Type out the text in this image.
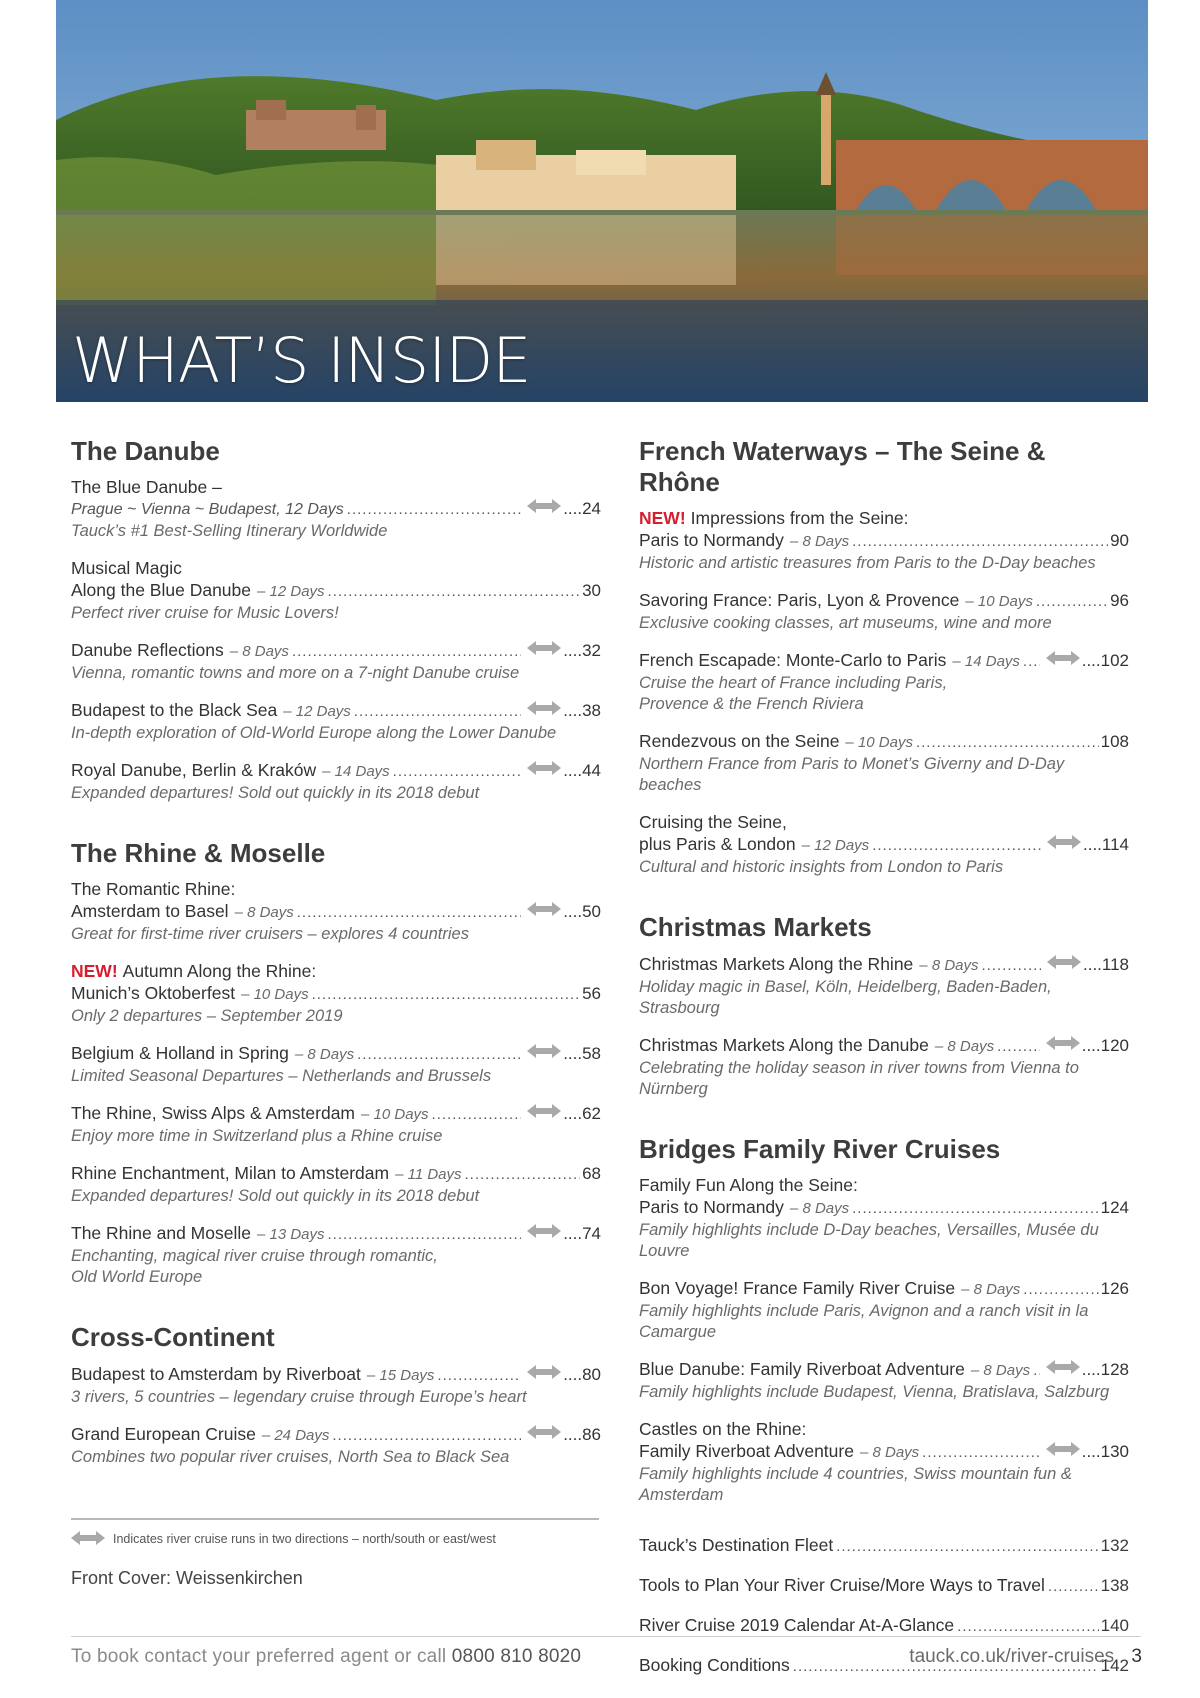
WHAT’S INSIDE
The Danube
The Blue Danube –
Prague ~ Vienna ~ Budapest, 12 Days .....	....24
Tauck’s #1 Best-Selling Itinerary Worldwide
Musical Magic
Along the Blue Danube	– 12 Days .....	30
Perfect river cruise for Music Lovers!
Danube Reflections	– 8 Days .....	....32
Vienna, romantic towns and more on a 7-night Danube cruise
Budapest to the Black Sea	– 12 Days .....	....38
In-depth exploration of Old-World Europe along the Lower Danube
Royal Danube, Berlin & Kraków	– 14 Days .....	....44
Expanded departures! Sold out quickly in its 2018 debut
The Rhine & Moselle
The Romantic Rhine:
Amsterdam to Basel	– 8 Days .....	....50
Great for first-time river cruisers – explores 4 countries
NEW! Autumn Along the Rhine:
Munich’s Oktoberfest	– 10 Days .....	56
Only 2 departures – September 2019
Belgium & Holland in Spring	– 8 Days .....	....58
Limited Seasonal Departures – Netherlands and Brussels
The Rhine, Swiss Alps & Amsterdam	– 10 Days .....	....62
Enjoy more time in Switzerland plus a Rhine cruise
Rhine Enchantment, Milan to Amsterdam	– 11 Days .....	68
Expanded departures! Sold out quickly in its 2018 debut
The Rhine and Moselle	– 13 Days .....	....74
Enchanting, magical river cruise through romantic,
Old World Europe
Cross-Continent
Budapest to Amsterdam by Riverboat	– 15 Days .....	....80
3 rivers, 5 countries – legendary cruise through Europe’s heart
Grand European Cruise	– 24 Days .....	....86
Combines two popular river cruises, North Sea to Black Sea
French Waterways – The Seine & Rhône
NEW! Impressions from the Seine:
Paris to Normandy	– 8 Days .....	90
Historic and artistic treasures from Paris to the D-Day beaches
Savoring France: Paris, Lyon & Provence	– 10 Days .....	96
Exclusive cooking classes, art museums, wine and more
French Escapade: Monte-Carlo to Paris	– 14 Days .....	....102
Cruise the heart of France including Paris,
Provence & the French Riviera
Rendezvous on the Seine	– 10 Days .....	108
Northern France from Paris to Monet’s Giverny and D-Day beaches
Cruising the Seine,
plus Paris & London	– 12 Days .....	....114
Cultural and historic insights from London to Paris
Christmas Markets
Christmas Markets Along the Rhine	– 8 Days .....	....118
Holiday magic in Basel, Köln, Heidelberg, Baden-Baden, Strasbourg
Christmas Markets Along the Danube	– 8 Days .....	....120
Celebrating the holiday season in river towns from Vienna to Nürnberg
Bridges Family River Cruises
Family Fun Along the Seine:
Paris to Normandy	– 8 Days .....	124
Family highlights include D-Day beaches, Versailles, Musée du
Louvre
Bon Voyage! France Family River Cruise	– 8 Days .....	126
Family highlights include Paris, Avignon and a ranch visit in la
Camargue
Blue Danube: Family Riverboat Adventure	– 8 Days .....	....128
Family highlights include Budapest, Vienna, Bratislava, Salzburg
Castles on the Rhine:
Family Riverboat Adventure	– 8 Days .....	....130
Family highlights include 4 countries, Swiss mountain fun & Amsterdam
Tauck’s Destination Fleet .....	132
Tools to Plan Your River Cruise/More Ways to Travel .....	138
River Cruise 2019 Calendar At-A-Glance .....	140
Booking Conditions .....	142
Indicates river cruise runs in two directions – north/south or east/west
Front Cover: Weissenkirchen
To book contact your preferred agent or call 0800 810 8020	tauck.co.uk/river-cruises 3
